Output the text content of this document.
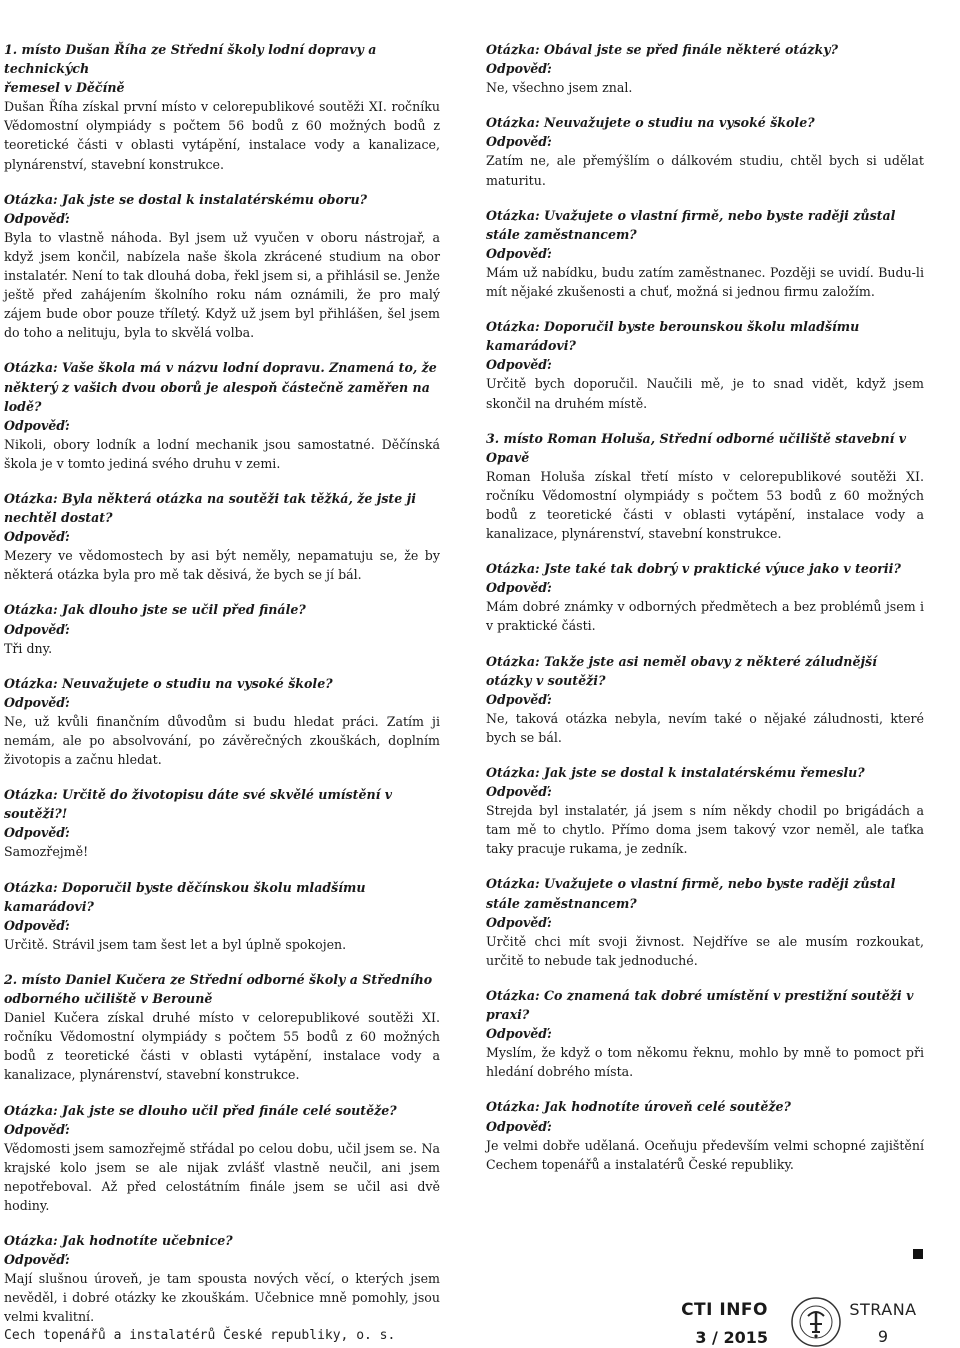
1. místo Dušan Říha ze Střední školy lodní dopravy a technických

řemesel v Děčíně

Dušan Říha získal první místo v celorepublikové soutěži XI. ročníku Vědomostní olympiády s počtem 56 bodů z 60 možných bodů z teoretické části v oblasti vytápění, instalace vody a kanalizace, plynárenství, stavební konstrukce.

Otázka: Jak jste se dostal k instalatérskému oboru?

Odpověď:

Byla to vlastně náhoda. Byl jsem už vyučen v oboru nástrojař, a když jsem končil, nabízela naše škola zkrácené studium na obor instalatér. Není to tak dlouhá doba, řekl jsem si, a přihlásil se. Jenže ještě před zahájením školního roku nám oznámili, že pro malý zájem bude obor pouze tříletý. Když už jsem byl přihlášen, šel jsem do toho a nelituju, byla to skvělá volba.

Otázka: Vaše škola má v názvu lodní dopravu. Znamená to, že některý z vašich dvou oborů je alespoň částečně zaměřen na lodě?

Odpověď:

Nikoli, obory lodník a lodní mechanik jsou samostatné. Děčínská škola je v tomto jediná svého druhu v zemi.

Otázka: Byla některá otázka na soutěži tak těžká, že jste ji nechtěl dostat?

Odpověď:

Mezery ve vědomostech by asi být neměly, nepamatuju se, že by některá otázka byla pro mě tak děsivá, že bych se jí bál.

Otázka: Jak dlouho jste se učil před finále?

Odpověď:

Tři dny.

Otázka: Neuvažujete o studiu na vysoké škole?

Odpověď:

Ne, už kvůli finančním důvodům si budu hledat práci. Zatím ji nemám, ale po absolvování, po závěrečných zkouškách, doplním životopis a začnu hledat.

Otázka: Určitě do životopisu dáte své skvělé umístění v soutěži?!

Odpověď:

Samozřejmě!

Otázka: Doporučil byste děčínskou školu mladšímu kamarádovi?

Odpověď:

Určitě. Strávil jsem tam šest let a byl úplně spokojen.

2. místo Daniel Kučera ze Střední odborné školy a Středního

odborného učiliště v Berouně

Daniel Kučera získal druhé místo v celorepublikové soutěži XI. ročníku Vědomostní olympiády s počtem 55 bodů z 60 možných bodů z teoretické části v oblasti vytápění, instalace vody a kanalizace, plynárenství, stavební konstrukce.

Otázka: Jak jste se dlouho učil před finále celé soutěže?

Odpověď:

Vědomosti jsem samozřejmě střádal po celou dobu, učil jsem se. Na krajské kolo jsem se ale nijak zvlášť vlastně neučil, ani jsem nepotřeboval. Až před celostátním finále jsem se učil asi dvě hodiny.

Otázka: Jak hodnotíte učebnice?

Odpověď:

Mají slušnou úroveň, je tam spousta nových věcí, o kterých jsem nevěděl, i dobré otázky ke zkouškám. Učebnice mně pomohly, jsou velmi kvalitní.

Otázka: Obával jste se před finále některé otázky?

Odpověď:

Ne, všechno jsem znal.

Otázka: Neuvažujete o studiu na vysoké škole?

Odpověď:

Zatím ne, ale přemýšlím o dálkovém studiu, chtěl bych si udělat maturitu.

Otázka: Uvažujete o vlastní firmě, nebo byste raději zůstal stále zaměstnancem?

Odpověď:

Mám už nabídku, budu zatím zaměstnanec. Později se uvidí. Budu-li mít nějaké zkušenosti a chuť, možná si jednou firmu založím.

Otázka: Doporučil byste berounskou školu mladšímu kamarádovi?

Odpověď:

Určitě bych doporučil. Naučili mě, je to snad vidět, když jsem skončil na druhém místě.

3. místo Roman Holuša, Střední odborné učiliště stavební v Opavě

Roman Holuša získal třetí místo v celorepublikové soutěži XI. ročníku Vědomostní olympiády s počtem 53 bodů z 60 možných bodů z teoretické části v oblasti vytápění, instalace vody a kanalizace, plynárenství, stavební konstrukce.

Otázka: Jste také tak dobrý v praktické výuce jako v teorii?

Odpověď:

Mám dobré známky v odborných předmětech a bez problémů jsem i v praktické části.

Otázka: Takže jste asi neměl obavy z některé záludnější otázky v soutěži?

Odpověď:

Ne, taková otázka nebyla, nevím také o nějaké záludnosti, které bych se bál.

Otázka: Jak jste se dostal k instalatérskému řemeslu?

Odpověď:

Strejda byl instalatér, já jsem s ním někdy chodil po brigádách a tam mě to chytlo. Přímo doma jsem takový vzor neměl, ale taťka taky pracuje rukama, je zedník.

Otázka: Uvažujete o vlastní firmě, nebo byste raději zůstal stále zaměstnancem?

Odpověď:

Určitě chci mít svoji živnost. Nejdříve se ale musím rozkoukat, určitě to nebude tak jednoduché.

Otázka: Co znamená tak dobré umístění v prestižní soutěži v praxi?

Odpověď:

Myslím, že když o tom někomu řeknu, mohlo by mně to pomoct při hledání dobrého místa.

Otázka: Jak hodnotíte úroveň celé soutěže?

Odpověď:

Je velmi dobře udělaná. Oceňuju především velmi schopné zajištění Cechem topenářů a instalatérů České republiky.

Cech topenářů a instalatérů České republiky, o. s.
CTI INFO
3 / 2015
STRANA
9
